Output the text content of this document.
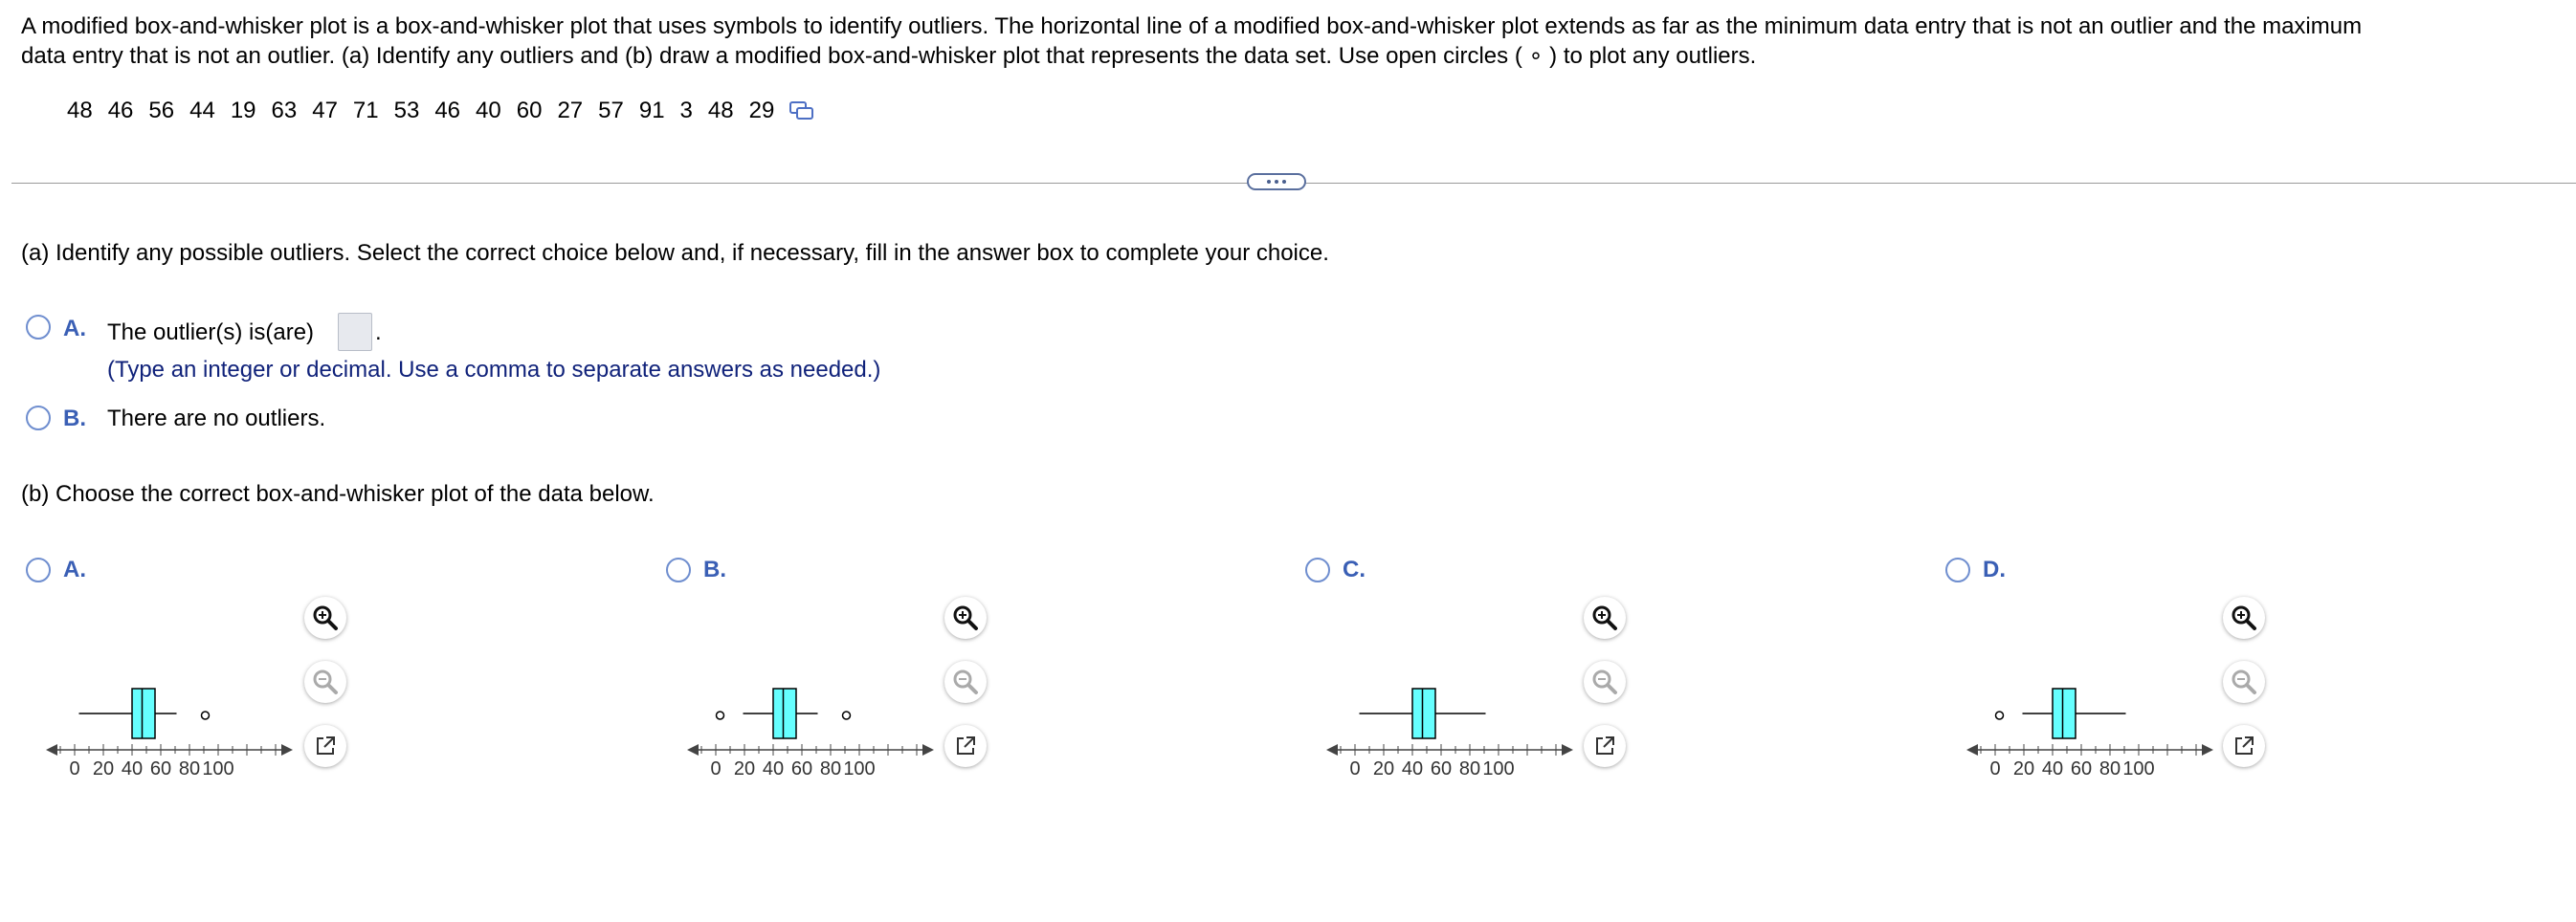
A modified box-and-whisker plot is a box-and-whisker plot that uses symbols to identify outliers. The horizontal line of a modified box-and-whisker plot extends as far as the minimum data entry that is not an outlier and the maximum
data entry that is not an outlier. (a) Identify any outliers and (b) draw a modified box-and-whisker plot that represents the data set. Use open circles ( ∘ ) to plot any outliers.
48 46 56 44 19 63 47 71 53 46 40 60 27 57 91 3 48 29
(a) Identify any possible outliers. Select the correct choice below and, if necessary, fill in the answer box to complete your choice.
A. The outlier(s) is(are)	.
(Type an integer or decimal. Use a comma to separate answers as needed.)
B. There are no outliers.
(b) Choose the correct box-and-whisker plot of the data below.
A.
0 20 40 60 80 100
B.
0 20 40 60 80 100
C.
0 20 40 60 80 100
D.
0 20 40 60 80 100
